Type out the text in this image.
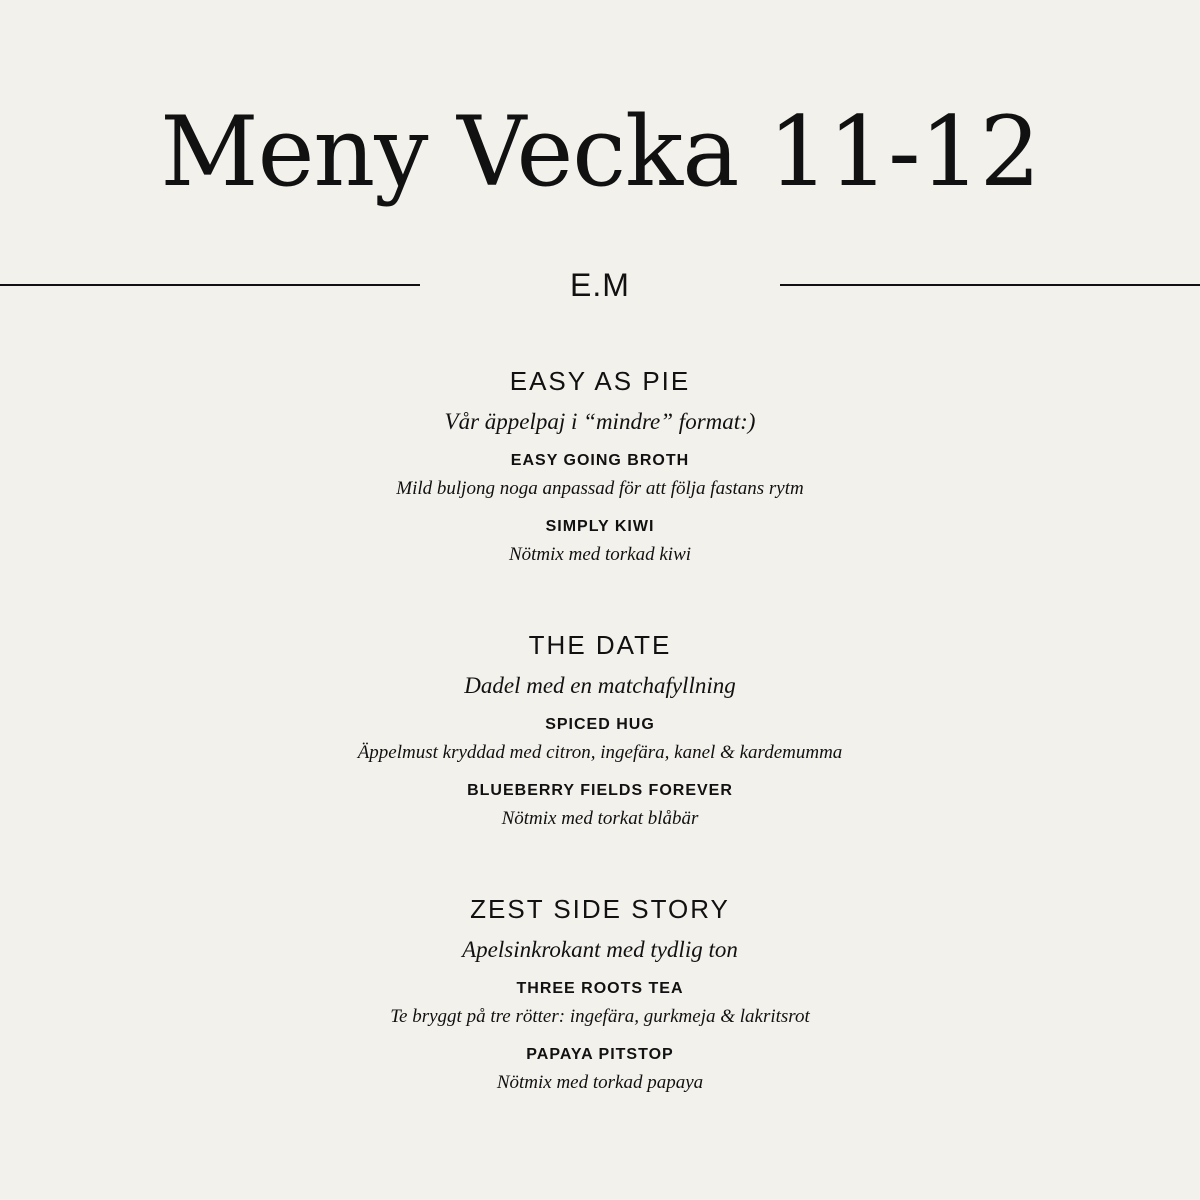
Meny Vecka 11-12
E.M
EASY AS PIE
Vår äppelpaj i “mindre” format:)
EASY GOING BROTH
Mild buljong noga anpassad för att följa fastans rytm
SIMPLY KIWI
Nötmix med torkad kiwi
THE DATE
Dadel med en matchafyllning
SPICED HUG
Äppelmust kryddad med citron, ingefära, kanel & kardemumma
BLUEBERRY FIELDS FOREVER
Nötmix med torkat blåbär
ZEST SIDE STORY
Apelsinkrokant med tydlig ton
THREE ROOTS TEA
Te bryggt på tre rötter: ingefära, gurkmeja & lakritsrot
PAPAYA PITSTOP
Nötmix med torkad papaya
